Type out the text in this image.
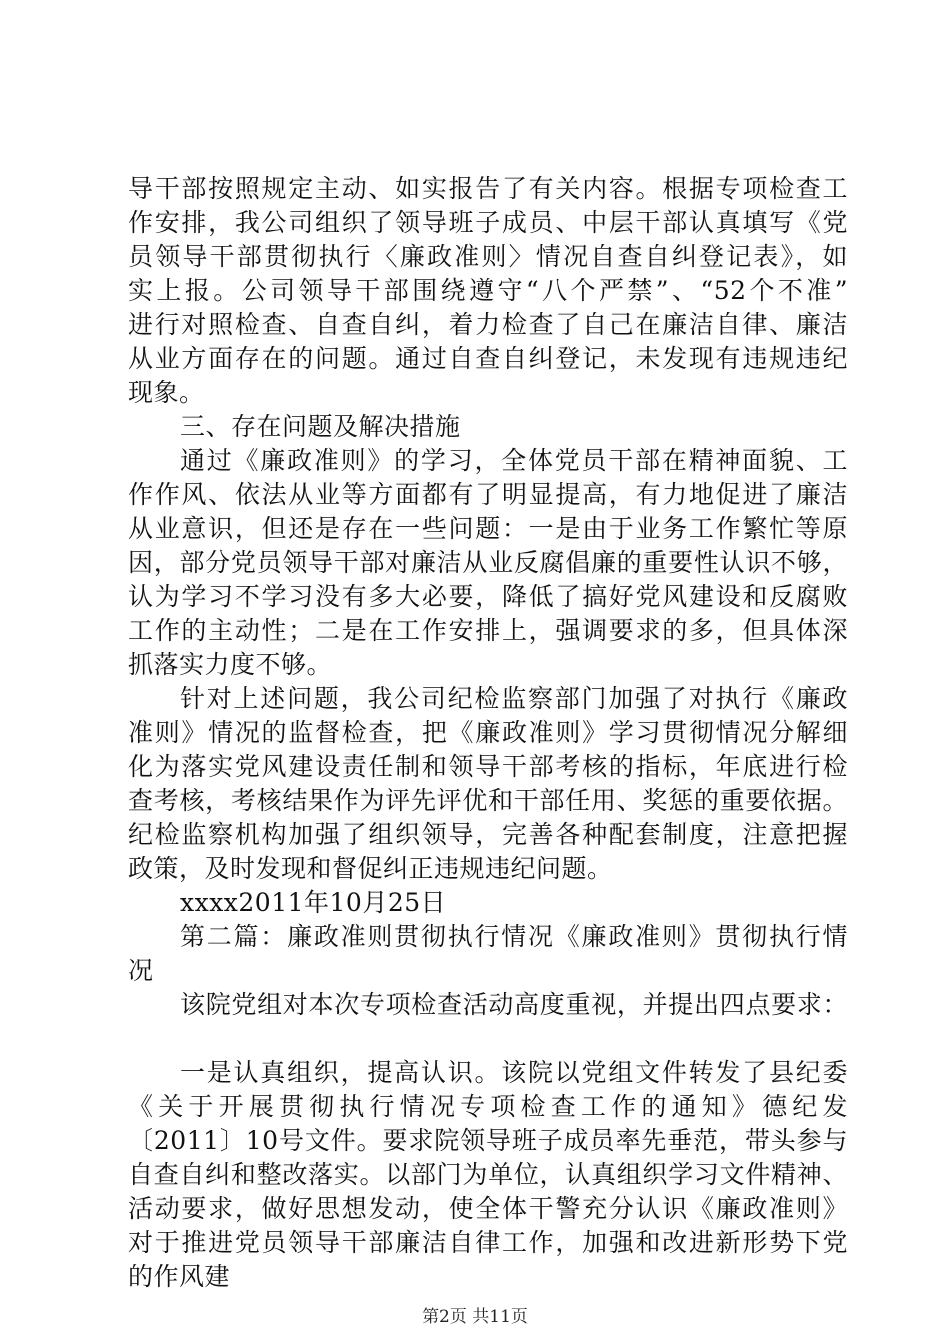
导干部按照规定主动、如实报告了有关内容。根据专项检查工
作安排，我公司组织了领导班子成员、中层干部认真填写《党
员领导干部贯彻执行〈廉政准则〉情况自查自纠登记表》，如
实上报。公司领导干部围绕遵守“八个严禁”、“52个不准”
进行对照检查、自查自纠，着力检查了自己在廉洁自律、廉洁
从业方面存在的问题。通过自查自纠登记，未发现有违规违纪
现象。
三、存在问题及解决措施
通过《廉政准则》的学习，全体党员干部在精神面貌、工
作作风、依法从业等方面都有了明显提高，有力地促进了廉洁
从业意识，但还是存在一些问题：一是由于业务工作繁忙等原
因，部分党员领导干部对廉洁从业反腐倡廉的重要性认识不够，
认为学习不学习没有多大必要，降低了搞好党风建设和反腐败
工作的主动性；二是在工作安排上，强调要求的多，但具体深
抓落实力度不够。
针对上述问题，我公司纪检监察部门加强了对执行《廉政
准则》情况的监督检查，把《廉政准则》学习贯彻情况分解细
化为落实党风建设责任制和领导干部考核的指标，年底进行检
查考核，考核结果作为评先评优和干部任用、奖惩的重要依据。
纪检监察机构加强了组织领导，完善各种配套制度，注意把握
政策，及时发现和督促纠正违规违纪问题。
xxxx2011年10月25日
第二篇：廉政准则贯彻执行情况《廉政准则》贯彻执行情
况
该院党组对本次专项检查活动高度重视，并提出四点要求：
一是认真组织，提高认识。该院以党组文件转发了县纪委
《关于开展贯彻执行情况专项检查工作的通知》德纪发
〔2011〕10号文件。要求院领导班子成员率先垂范，带头参与
自查自纠和整改落实。以部门为单位，认真组织学习文件精神、
活动要求，做好思想发动，使全体干警充分认识《廉政准则》
对于推进党员领导干部廉洁自律工作，加强和改进新形势下党
的作风建
第2页 共11页
